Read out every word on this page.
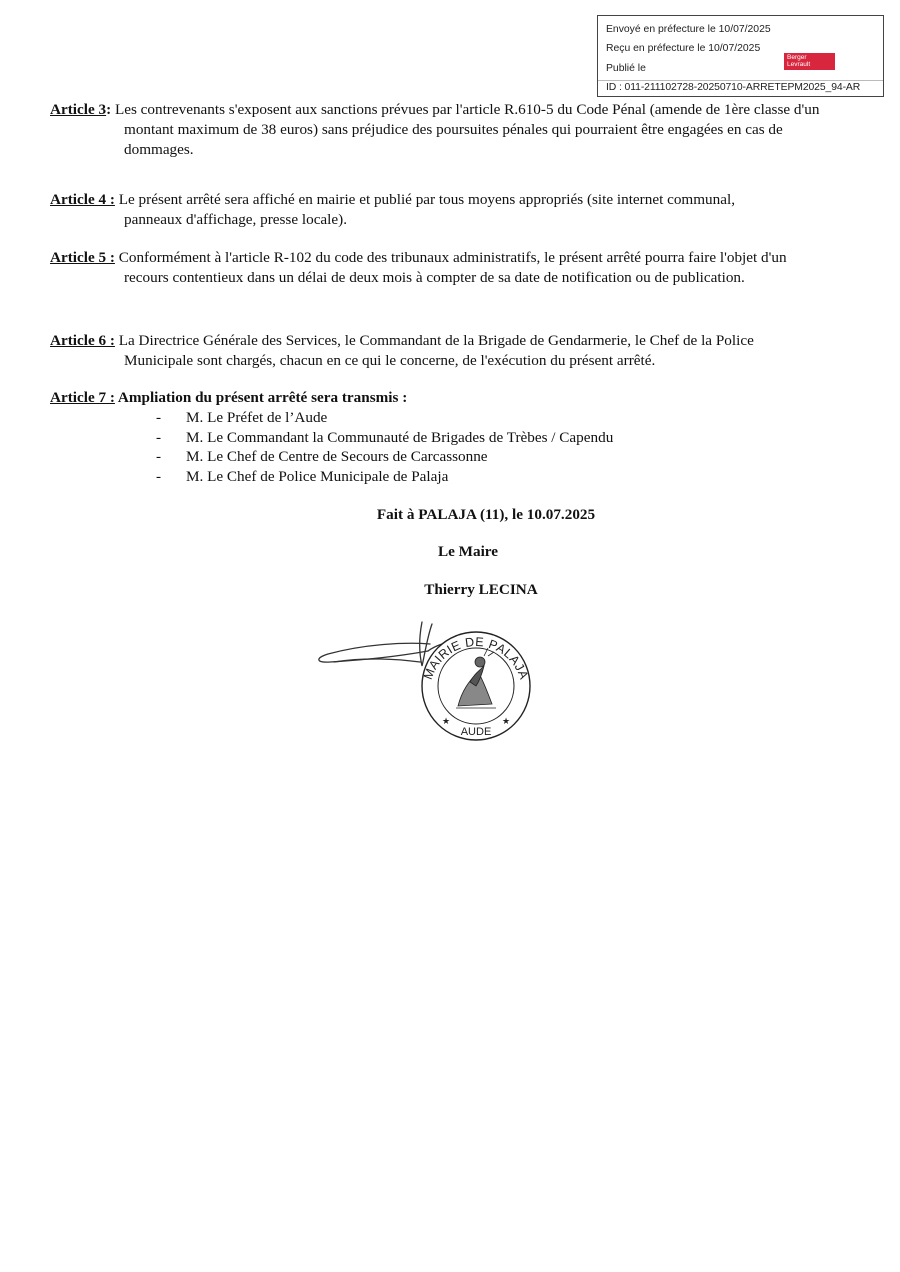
Envoyé en préfecture le 10/07/2025
Reçu en préfecture le 10/07/2025
Publié le
Berger
Levrault
ID : 011-211102728-20250710-ARRETEPM2025_94-AR
Article 3: Les contrevenants s'exposent aux sanctions prévues par l'article R.610-5 du Code Pénal (amende de 1ère classe d'un
montant maximum de 38 euros) sans préjudice des poursuites pénales qui pourraient être engagées en cas de
dommages.
Article 4 : Le présent arrêté sera affiché en mairie et publié par tous moyens appropriés (site internet communal,
panneaux d'affichage, presse locale).
Article 5 : Conformément à l'article R-102 du code des tribunaux administratifs, le présent arrêté pourra faire l'objet d'un
recours contentieux dans un délai de deux mois à compter de sa date de notification ou de publication.
Article 6 : La Directrice Générale des Services, le Commandant de la Brigade de Gendarmerie, le Chef de la Police
Municipale sont chargés, chacun en ce qui le concerne, de l'exécution du présent arrêté.
Article 7 : Ampliation du présent arrêté sera transmis :
- M. Le Préfet de l’Aude
- M. Le Commandant la Communauté de Brigades de Trèbes / Capendu
- M. Le Chef de Centre de Secours de Carcassonne
- M. Le Chef de Police Municipale de Palaja
Fait à PALAJA (11), le 10.07.2025
Le Maire
Thierry LECINA
MAIRIE DE PALAJA
AUDE
★	★
